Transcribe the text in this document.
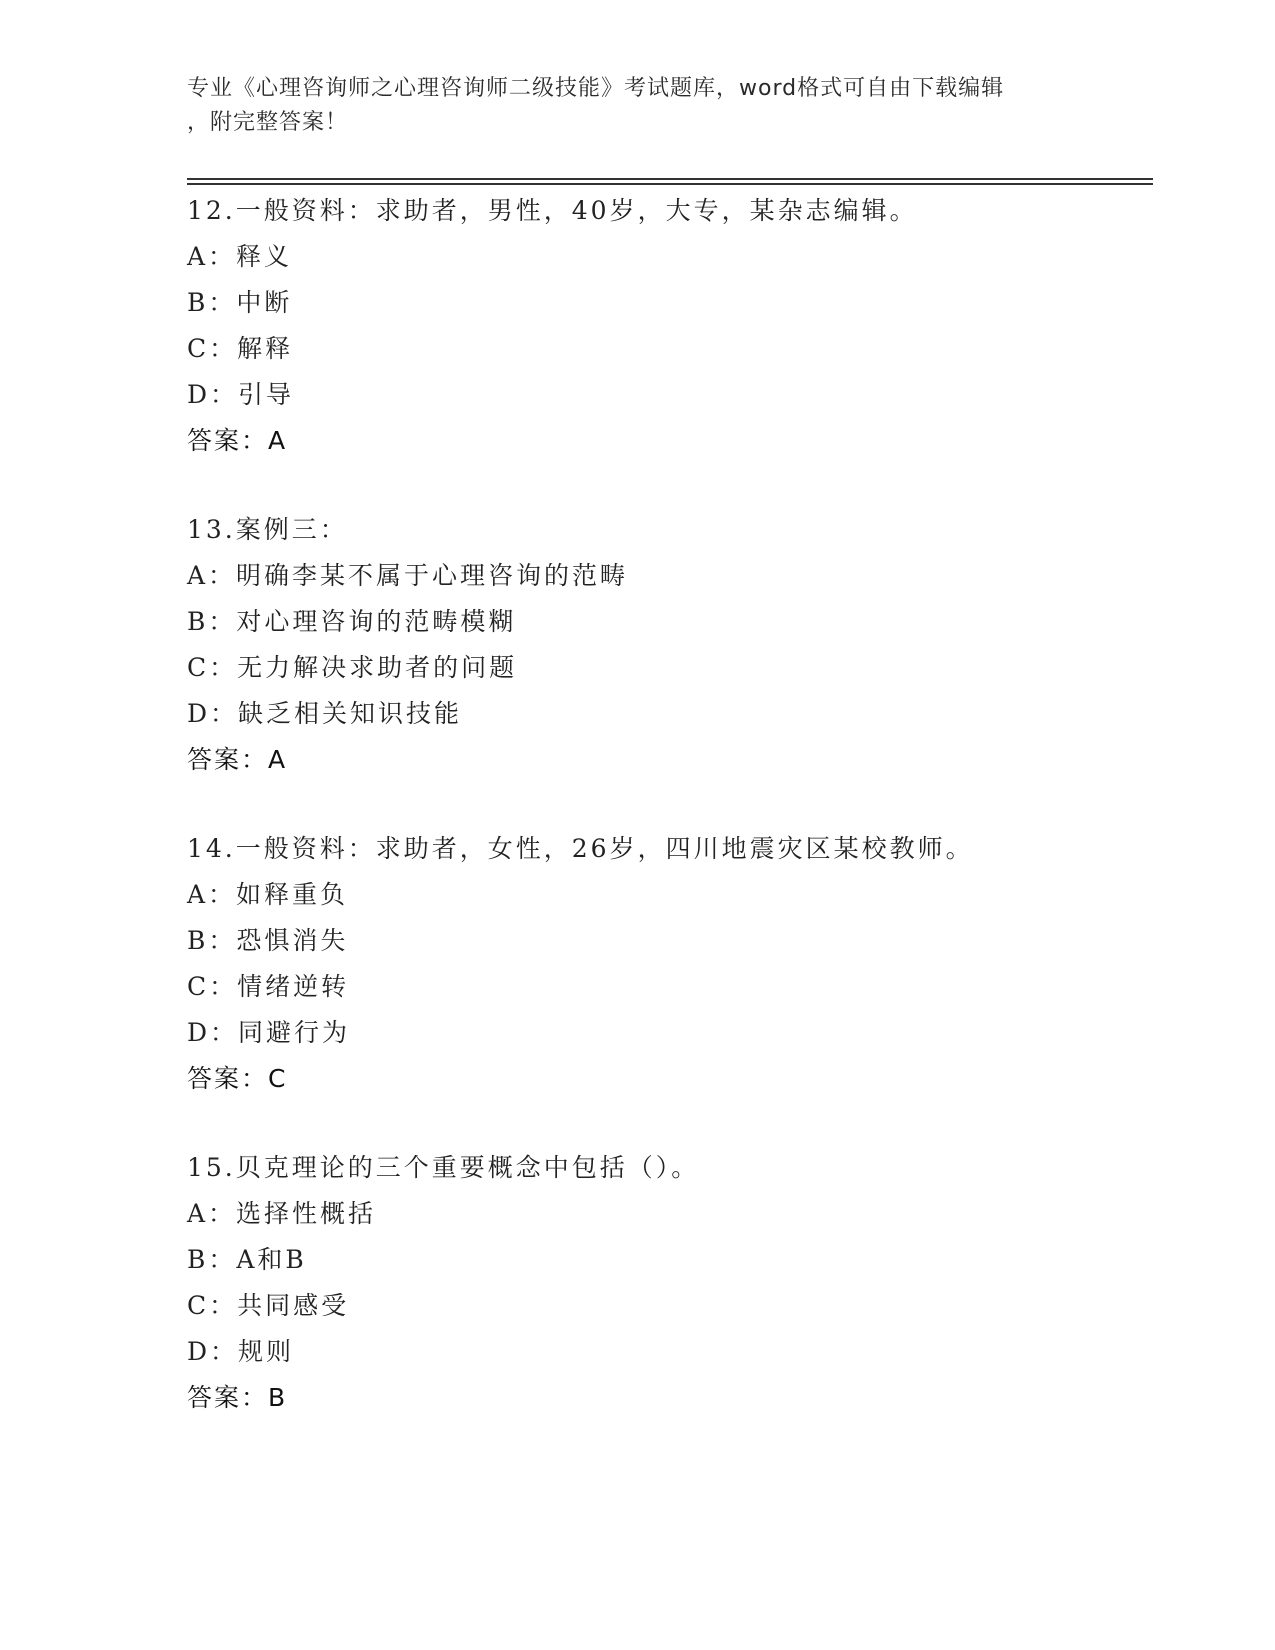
专业《心理咨询师之心理咨询师二级技能》考试题库，word格式可自由下载编辑
，附完整答案！
12.一般资料：求助者，男性，40岁，大专，某杂志编辑。
A：释义
B：中断
C：解释
D：引导
答案：A
13.案例三：
A：明确李某不属于心理咨询的范畴
B：对心理咨询的范畴模糊
C：无力解决求助者的问题
D：缺乏相关知识技能
答案：A
14.一般资料：求助者，女性，26岁，四川地震灾区某校教师。
A：如释重负
B：恐惧消失
C：情绪逆转
D：同避行为
答案：C
15.贝克理论的三个重要概念中包括（）。
A：选择性概括
B：A和B
C：共同感受
D：规则
答案：B
